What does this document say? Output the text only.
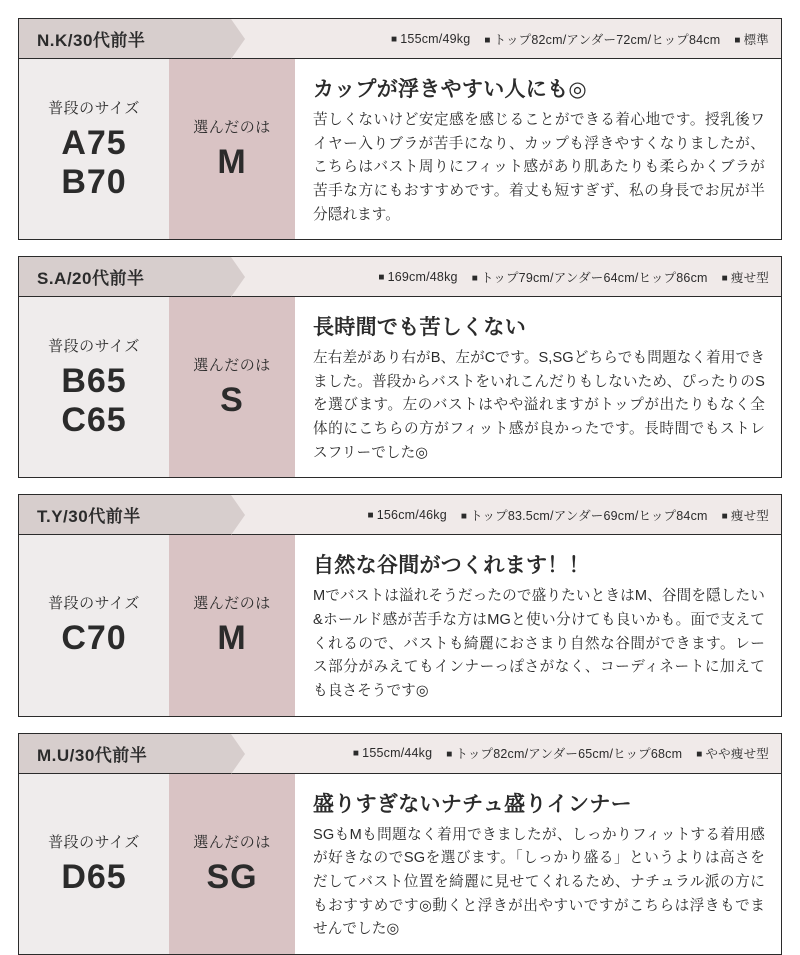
N.K/30代前半	■ 155cm/49kg	■ トップ82cm/アンダー72cm/ヒップ84cm	■ 標準
普段のサイズ
A75
B70
選んだのは
M
カップが浮きやすい人にも◎
苦しくないけど安定感を感じることができる着心地です。授乳後ワイヤー入りブラが苦手になり、カップも浮きやすくなりましたが、こちらはバスト周りにフィット感があり肌あたりも柔らかくブラが苦手な方にもおすすめです。着丈も短すぎず、私の身長でお尻が半分隠れます。
S.A/20代前半	■ 169cm/48kg	■ トップ79cm/アンダー64cm/ヒップ86cm	■ 痩せ型
普段のサイズ
B65
C65
選んだのは
S
長時間でも苦しくない
左右差があり右がB、左がCです。S,SGどちらでも問題なく着用できました。普段からバストをいれこんだりもしないため、ぴったりのSを選びます。左のバストはやや溢れますがトップが出たりもなく全体的にこちらの方がフィット感が良かったです。長時間でもストレスフリーでした◎
T.Y/30代前半	■ 156cm/46kg	■ トップ83.5cm/アンダー69cm/ヒップ84cm	■ 痩せ型
普段のサイズ
C70
選んだのは
M
自然な谷間がつくれます！！
Mでバストは溢れそうだったので盛りたいときはM、谷間を隠したい&ホールド感が苦手な方はMGと使い分けても良いかも。面で支えてくれるので、バストも綺麗におさまり自然な谷間ができます。レース部分がみえてもインナーっぽさがなく、コーディネートに加えても良さそうです◎
M.U/30代前半	■ 155cm/44kg	■ トップ82cm/アンダー65cm/ヒップ68cm	■ やや痩せ型
普段のサイズ
D65
選んだのは
SG
盛りすぎないナチュ盛りインナー
SGもMも問題なく着用できましたが、しっかりフィットする着用感が好きなのでSGを選びます。「しっかり盛る」というよりは高さをだしてバスト位置を綺麗に見せてくれるため、ナチュラル派の方にもおすすめです◎動くと浮きが出やすいですがこちらは浮きもでませんでした◎
